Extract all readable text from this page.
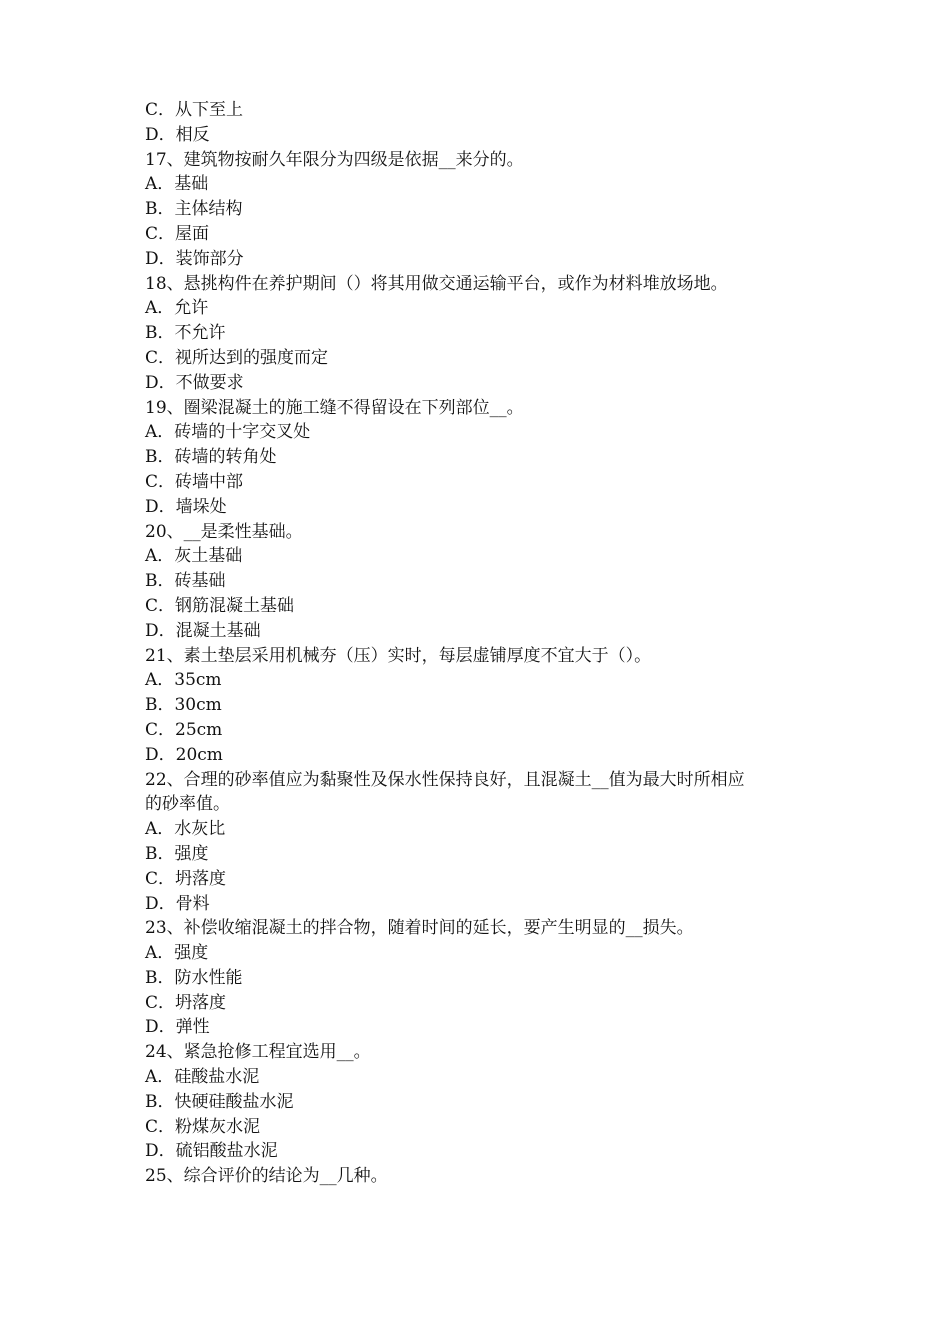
C．从下至上

D．相反

17、建筑物按耐久年限分为四级是依据__来分的。

A．基础

B．主体结构

C．屋面

D．装饰部分

18、悬挑构件在养护期间（）将其用做交通运输平台，或作为材料堆放场地。

A．允许

B．不允许

C．视所达到的强度而定

D．不做要求

19、圈梁混凝土的施工缝不得留设在下列部位__。

A．砖墙的十字交叉处

B．砖墙的转角处

C．砖墙中部

D．墙垛处

20、__是柔性基础。

A．灰土基础

B．砖基础

C．钢筋混凝土基础

D．混凝土基础

21、素土垫层采用机械夯（压）实时，每层虚铺厚度不宜大于（）。

A．35cm

B．30cm

C．25cm

D．20cm

22、合理的砂率值应为黏聚性及保水性保持良好，且混凝土__值为最大时所相应

的砂率值。

A．水灰比

B．强度

C．坍落度

D．骨料

23、补偿收缩混凝土的拌合物，随着时间的延长，要产生明显的__损失。

A．强度

B．防水性能

C．坍落度

D．弹性

24、紧急抢修工程宜选用__。

A．硅酸盐水泥

B．快硬硅酸盐水泥

C．粉煤灰水泥

D．硫铝酸盐水泥

25、综合评价的结论为__几种。
